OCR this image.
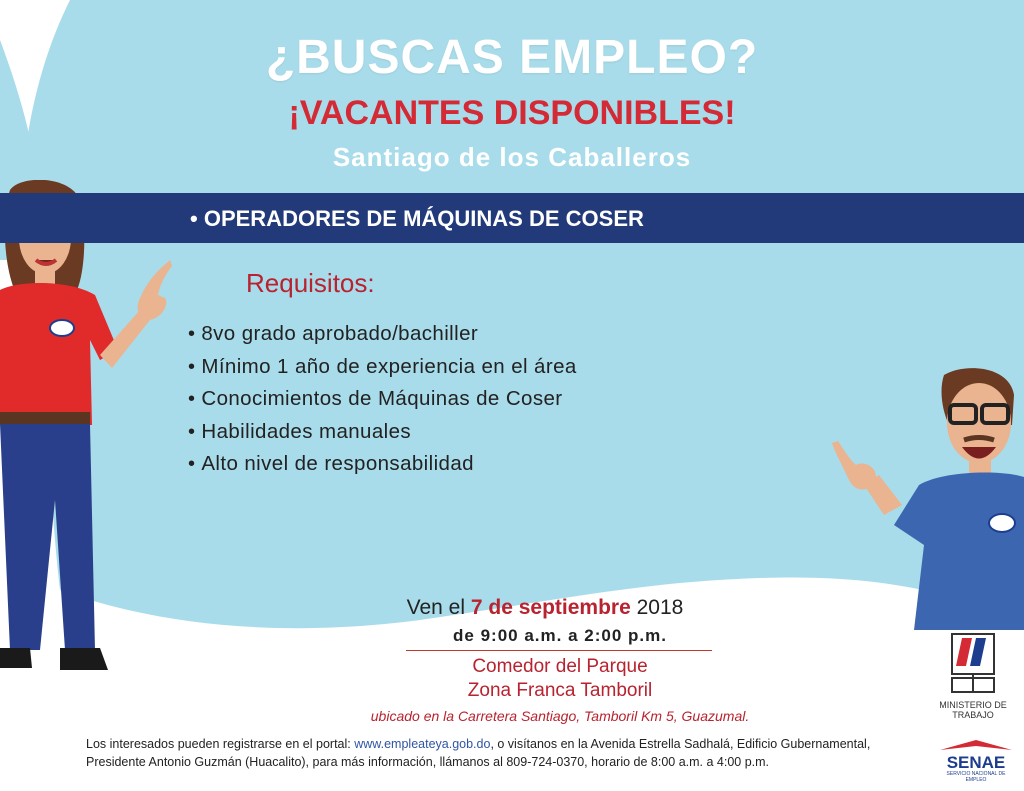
¿BUSCAS EMPLEO?
¡VACANTES DISPONIBLES!
Santiago de los Caballeros
• OPERADORES DE MÁQUINAS DE COSER
Requisitos:
• 8vo grado aprobado/bachiller
• Mínimo 1 año de experiencia en el área
• Conocimientos de Máquinas de Coser
• Habilidades manuales
• Alto nivel de responsabilidad
Ven el 7 de septiembre 2018
de 9:00 a.m. a 2:00 p.m.
Comedor del Parque
Zona Franca Tamboril
ubicado en la Carretera Santiago, Tamboril Km 5, Guazumal.
Los interesados pueden registrarse en el portal: www.empleateya.gob.do, o visítanos en la Avenida Estrella Sadhalá, Edificio Gubernamental, Presidente Antonio Guzmán (Huacalito), para más información, llámanos al 809-724-0370, horario de 8:00 a.m. a 4:00 p.m.
MINISTERIO DE TRABAJO
SENAE
SERVICIO NACIONAL DE EMPLEO
